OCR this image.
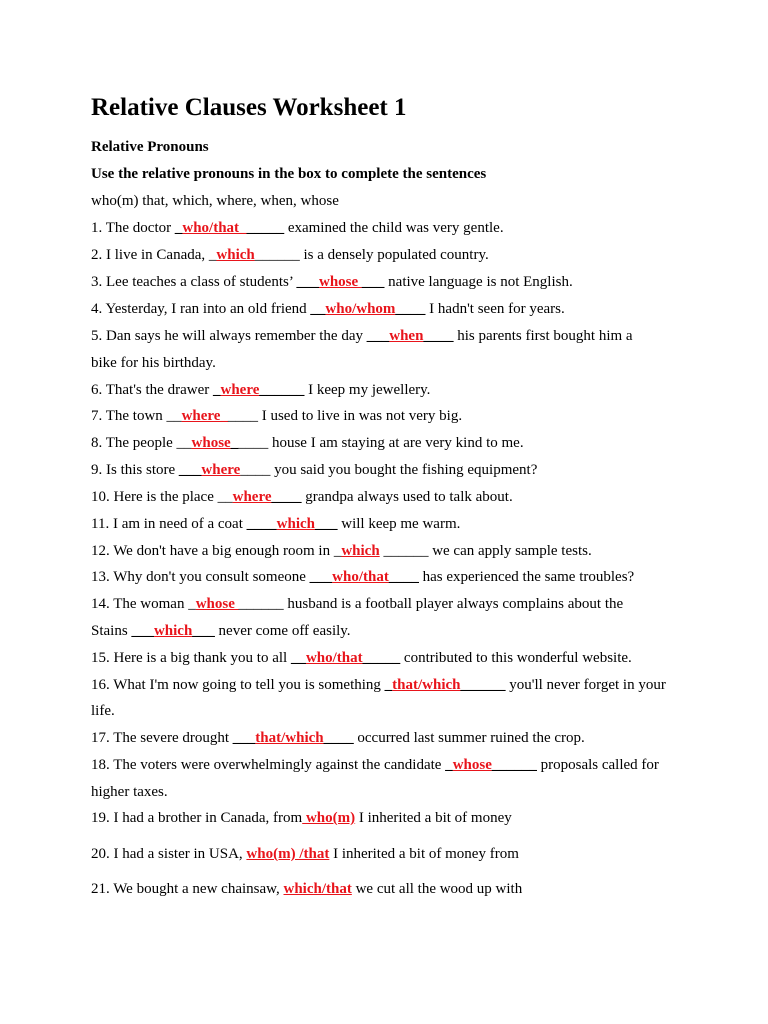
Relative Clauses Worksheet 1
Relative Pronouns
Use the relative pronouns in the box to complete the sentences
who(m) that, which, where, when, whose
1. The doctor _who/that______ examined the child was very gentle.
2. I live in Canada, _which______ is a densely populated country.
3. Lee teaches a class of students’ ___whose ___ native language is not English.
4. Yesterday, I ran into an old friend __who/whom____ I hadn't seen for years.
5. Dan says he will always remember the day ___when____ his parents first bought him a
bike for his birthday.
6. That's the drawer _where______ I keep my jewellery.
7. The town __where_____ I used to live in was not very big.
8. The people __whose_____ house I am staying at are very kind to me.
9. Is this store ___where____ you said you bought the fishing equipment?
10. Here is the place __where____ grandpa always used to talk about.
11. I am in need of a coat ____which___ will keep me warm.
12. We don't have a big enough room in _which ______ we can apply sample tests.
13. Why don't you consult someone ___who/that____ has experienced the same troubles?
14. The woman _whose ______ husband is a football player always complains about the
Stains ___which___ never come off easily.
15. Here is a big thank you to all __who/that_____ contributed to this wonderful website.
16. What I'm now going to tell you is something _that/which______ you'll never forget in your
life.
17. The severe drought ___that/which____ occurred last summer ruined the crop.
18. The voters were overwhelmingly against the candidate _whose______ proposals called for
higher taxes.
19. I had a brother in Canada, from who(m) I inherited a bit of money
20. I had a sister in USA, who(m) /that I inherited a bit of money from
21. We bought a new chainsaw, which/that we cut all the wood up with
